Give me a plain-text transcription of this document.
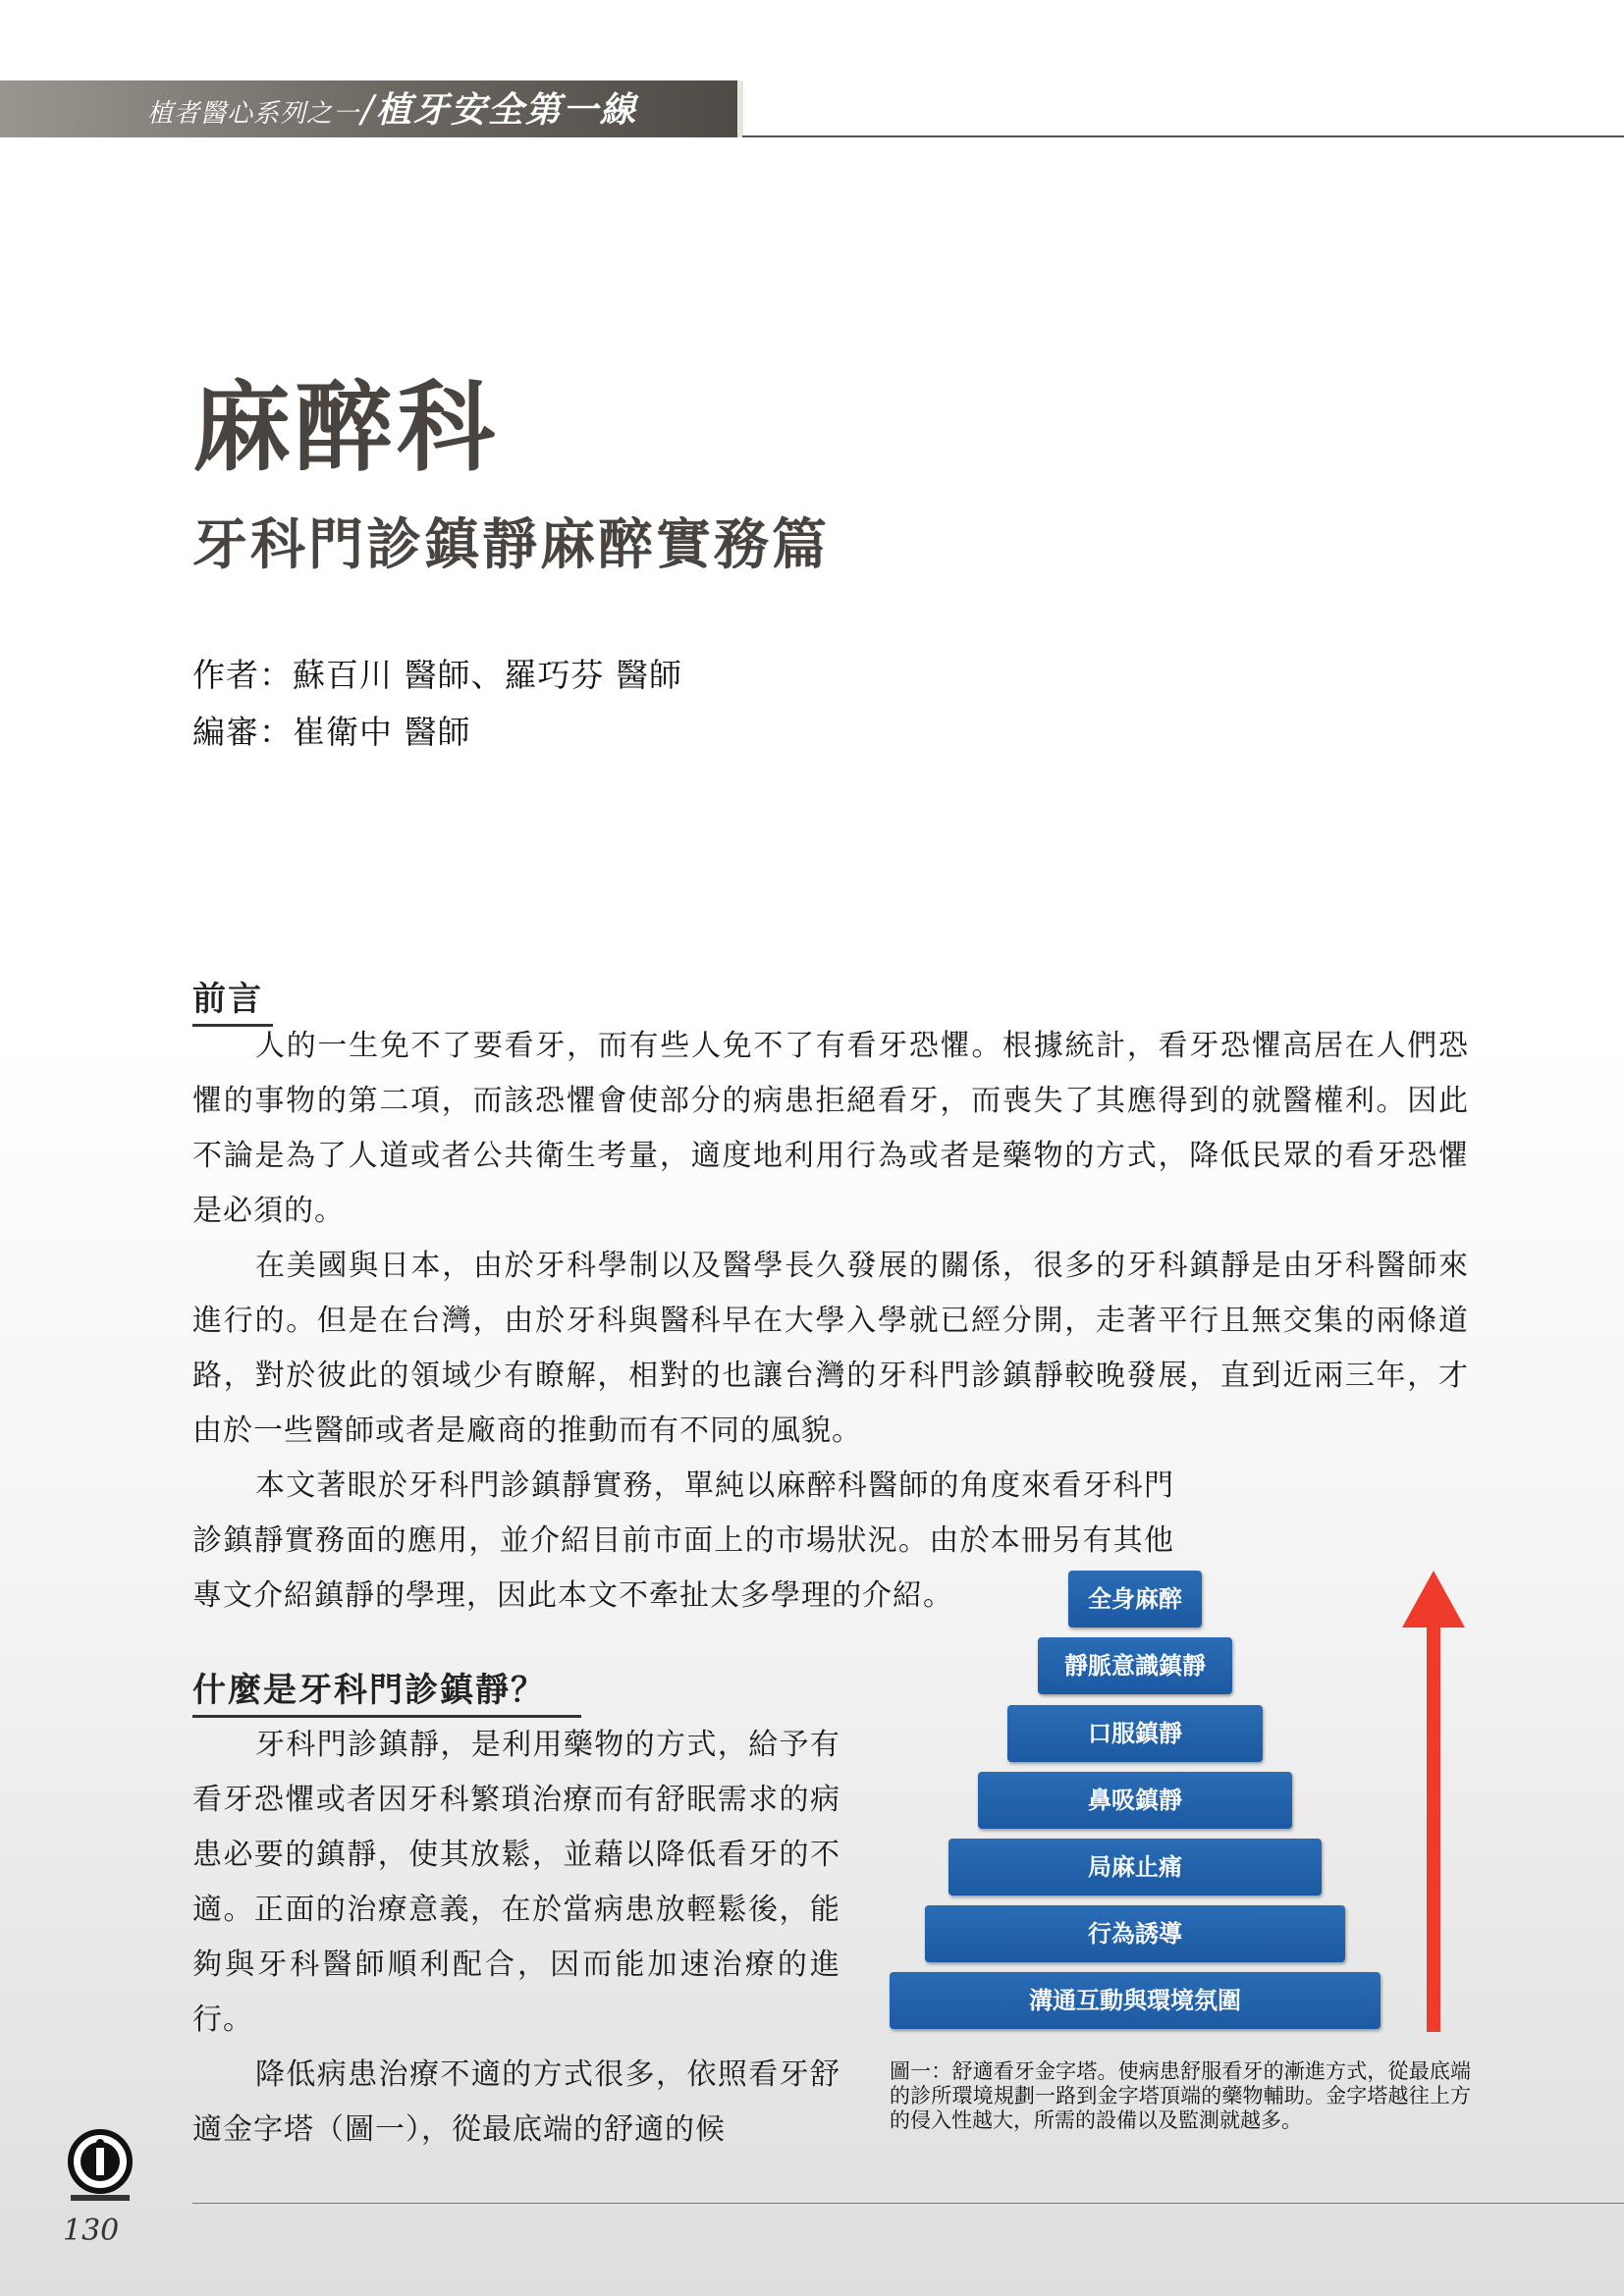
植者醫心系列之一/植牙安全第一線
麻醉科
牙科門診鎮靜麻醉實務篇
作者：蘇百川 醫師、羅巧芬 醫師
編審：崔衛中 醫師
前言

人的一生免不了要看牙，而有些人免不了有看牙恐懼。根據統計，看牙恐懼高居在人們恐懼的事物的第二項，而該恐懼會使部分的病患拒絕看牙，而喪失了其應得到的就醫權利。因此不論是為了人道或者公共衛生考量，適度地利用行為或者是藥物的方式，降低民眾的看牙恐懼是必須的。

在美國與日本，由於牙科學制以及醫學長久發展的關係，很多的牙科鎮靜是由牙科醫師來進行的。但是在台灣，由於牙科與醫科早在大學入學就已經分開，走著平行且無交集的兩條道路，對於彼此的領域少有瞭解，相對的也讓台灣的牙科門診鎮靜較晚發展，直到近兩三年，才由於一些醫師或者是廠商的推動而有不同的風貌。

本文著眼於牙科門診鎮靜實務，單純以麻醉科醫師的角度來看牙科門診鎮靜實務面的應用，並介紹目前市面上的市場狀況。由於本冊另有其他專文介紹鎮靜的學理，因此本文不牽扯太多學理的介紹。

什麼是牙科門診鎮靜？

牙科門診鎮靜，是利用藥物的方式，給予有看牙恐懼或者因牙科繁瑣治療而有舒眠需求的病患必要的鎮靜，使其放鬆，並藉以降低看牙的不適。正面的治療意義，在於當病患放輕鬆後，能夠與牙科醫師順利配合，因而能加速治療的進行。

降低病患治療不適的方式很多，依照看牙舒適金字塔（圖一），從最底端的舒適的候

全身麻醉
靜脈意識鎮靜
口服鎮靜
鼻吸鎮靜
局麻止痛
行為誘導
溝通互動與環境氛圍
圖一：舒適看牙金字塔。使病患舒服看牙的漸進方式，從最底端的診所環境規劃一路到金字塔頂端的藥物輔助。金字塔越往上方的侵入性越大，所需的設備以及監測就越多。
130
